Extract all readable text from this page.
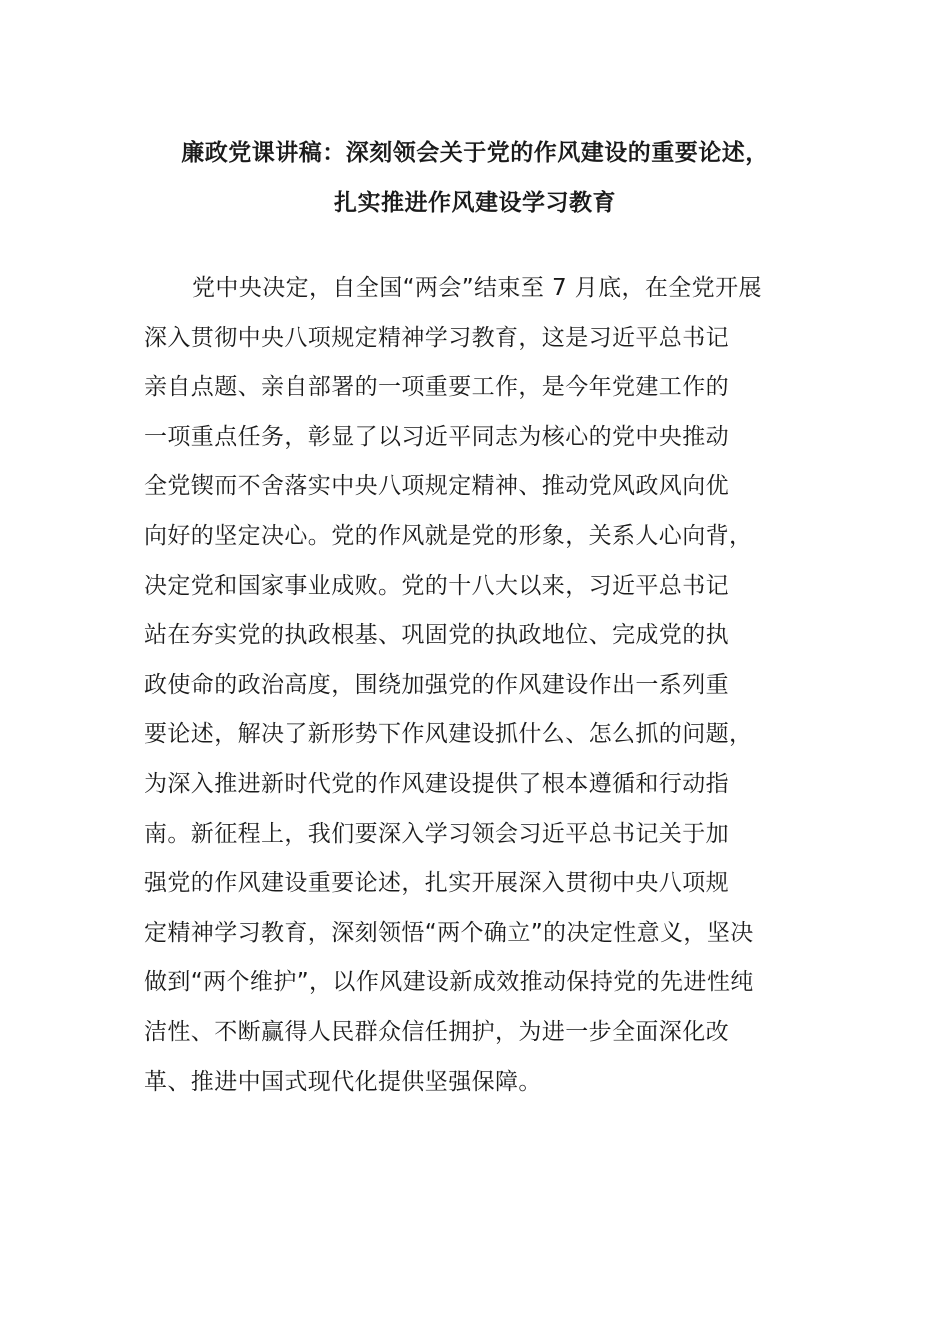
廉政党课讲稿：深刻领会关于党的作风建设的重要论述，
扎实推进作风建设学习教育
党中央决定，自全国“两会”结束至 7 月底，在全党开展
深入贯彻中央八项规定精神学习教育，这是习近平总书记
亲自点题、亲自部署的一项重要工作，是今年党建工作的
一项重点任务，彰显了以习近平同志为核心的党中央推动
全党锲而不舍落实中央八项规定精神、推动党风政风向优
向好的坚定决心。党的作风就是党的形象，关系人心向背，
决定党和国家事业成败。党的十八大以来，习近平总书记
站在夯实党的执政根基、巩固党的执政地位、完成党的执
政使命的政治高度，围绕加强党的作风建设作出一系列重
要论述，解决了新形势下作风建设抓什么、怎么抓的问题，
为深入推进新时代党的作风建设提供了根本遵循和行动指
南。新征程上，我们要深入学习领会习近平总书记关于加
强党的作风建设重要论述，扎实开展深入贯彻中央八项规
定精神学习教育，深刻领悟“两个确立”的决定性意义，坚决
做到“两个维护”，以作风建设新成效推动保持党的先进性纯
洁性、不断赢得人民群众信任拥护，为进一步全面深化改
革、推进中国式现代化提供坚强保障。
